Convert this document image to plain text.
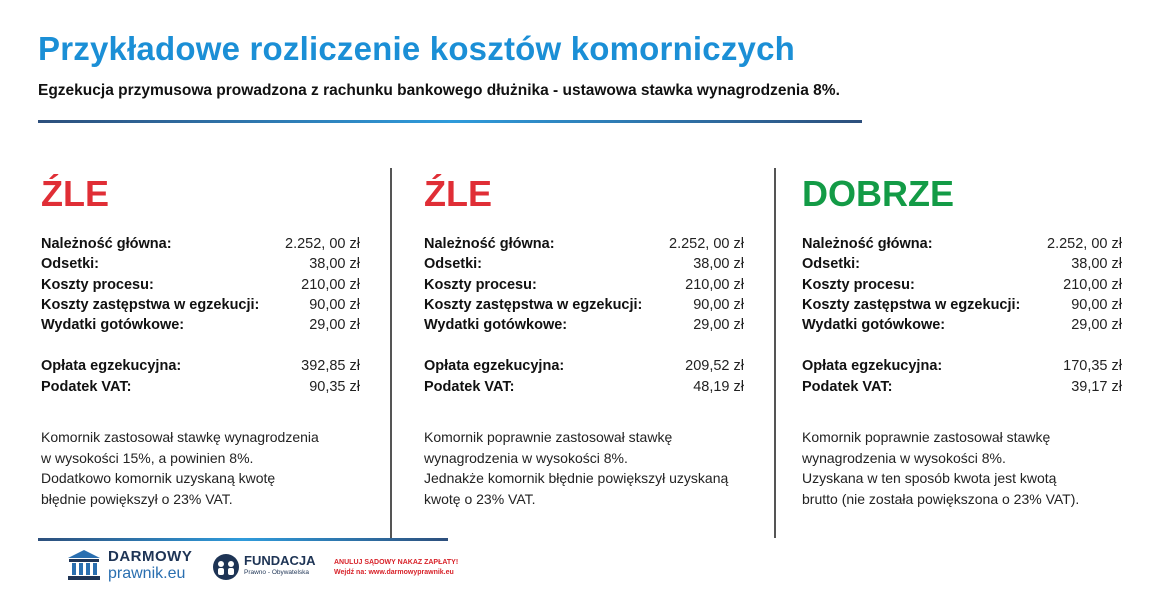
Przykładowe rozliczenie kosztów komorniczych
Egzekucja przymusowa prowadzona z rachunku bankowego dłużnika - ustawowa stawka wynagrodzenia 8%.
ŹLE
Należność główna:	2.252, 00 zł
Odsetki:	38,00 zł
Koszty procesu:	210,00 zł
Koszty zastępstwa w egzekucji:	90,00 zł
Wydatki gotówkowe:	29,00 zł
Opłata egzekucyjna:	392,85 zł
Podatek VAT:	90,35 zł
Komornik zastosował stawkę wynagrodzenia
w wysokości 15%, a powinien 8%.
Dodatkowo komornik uzyskaną kwotę
błędnie powiększył o 23% VAT.
ŹLE
Należność główna:	2.252, 00 zł
Odsetki:	38,00 zł
Koszty procesu:	210,00 zł
Koszty zastępstwa w egzekucji:	90,00 zł
Wydatki gotówkowe:	29,00 zł
Opłata egzekucyjna:	209,52 zł
Podatek VAT:	48,19 zł
Komornik poprawnie zastosował stawkę
wynagrodzenia w wysokości 8%.
Jednakże komornik błędnie powiększył uzyskaną
kwotę o 23% VAT.
DOBRZE
Należność główna:	2.252, 00 zł
Odsetki:	38,00 zł
Koszty procesu:	210,00 zł
Koszty zastępstwa w egzekucji:	90,00 zł
Wydatki gotówkowe:	29,00 zł
Opłata egzekucyjna:	170,35 zł
Podatek VAT:	39,17 zł
Komornik poprawnie zastosował stawkę
wynagrodzenia w wysokości 8%.
Uzyskana w ten sposób kwota jest kwotą
brutto (nie została powiększona o 23% VAT).
DARMOWY
prawnik.eu
FUNDACJA
Prawno - Obywatelska
ANULUJ SĄDOWY NAKAZ ZAPŁATY!
Wejdź na: www.darmowyprawnik.eu
